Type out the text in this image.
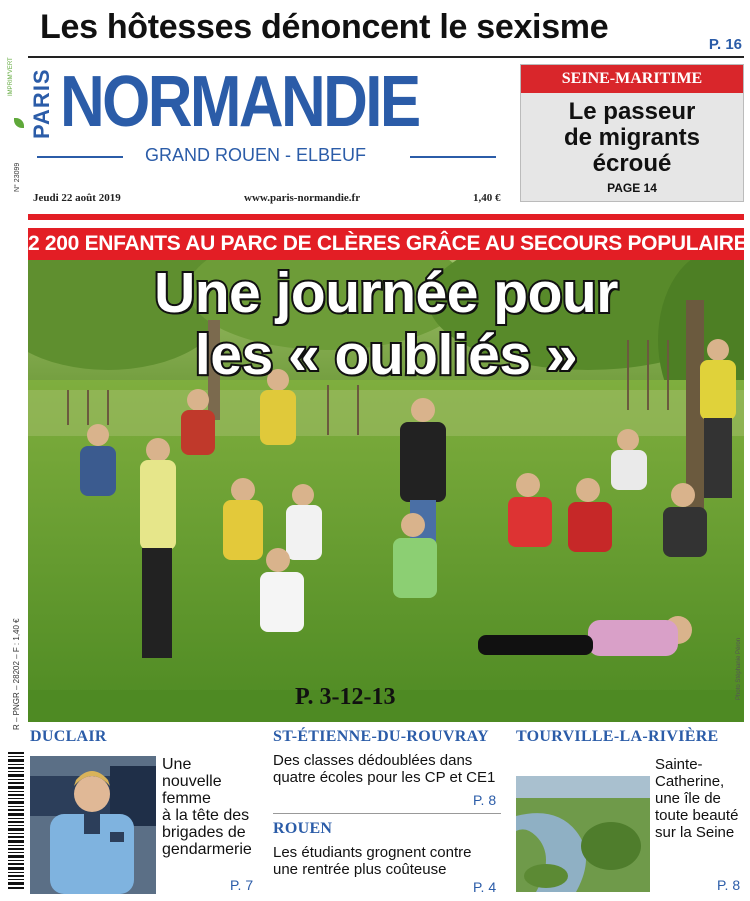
Les hôtesses dénoncent le sexisme	P. 16
IMPRIM'VERT
N° 23099
PARIS NORMANDIE
GRAND ROUEN - ELBEUF
Jeudi 22 août 2019	www.paris-normandie.fr	1,40 €
SEINE-MARITIME
Le passeur
de migrants
écroué
PAGE 14
2 200 ENFANTS AU PARC DE CLÈRES GRÂCE AU SECOURS POPULAIRE
Une journée pour
les « oubliés »
P. 3-12-13	Photo Stéphanie Péron
R – PNGR – 28202 – F : 1,40 €
DUCLAIR
Une
nouvelle
femme
à la tête des
brigades de
gendarmerie
P. 7
ST-ÉTIENNE-DU-ROUVRAY
Des classes dédoublées dans
quatre écoles pour les CP et CE1
P. 8
ROUEN
Les étudiants grognent contre
une rentrée plus coûteuse
P. 4
TOURVILLE-LA-RIVIÈRE
Sainte-
Catherine,
une île de
toute beauté
sur la Seine
P. 8
